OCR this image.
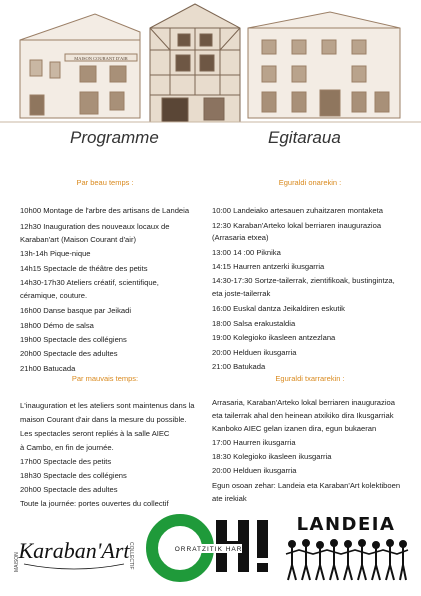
MAISON COURANT D'AIR
Programme	Egitaraua
Par beau temps :
10h00 Montage de l'arbre des artisans de Landeia
12h30 Inauguration des nouveaux locaux de
Karaban'art (Maison Courant d'air)
13h-14h Pique-nique
14h15 Spectacle de théâtre des petits
14h30-17h30 Ateliers créatif, scientifique,
céramique, couture.
16h00 Danse basque par Jeikadi
18h00 Démo de salsa
19h00 Spectacle des collégiens
20h00 Spectacle des adultes
21h00 Batucada
Par mauvais temps:
L'inauguration et les ateliers sont maintenus dans la
maison Courant d'air dans la mesure du possible.
Les spectacles seront repliés à la salle AIEC
à Cambo, en fin de journée.
17h00 Spectacle des petits
18h30 Spectacle des collégiens
20h00 Spectacle des adultes
Toute la journée: portes ouvertes du collectif
Eguraldi onarekin :
10:00 Landeiako artesauen zuhaitzaren montaketa
12:30 Karaban'Arteko lokal berriaren inaugurazioa
(Arrasaria etxea)
13:00 14 :00 Piknika
14:15 Haurren antzerki ikusgarria
14:30-17:30 Sortze-tailerrak, zientifikoak, bustingintza,
eta joste-tailerrak
16:00 Euskal dantza Jeikaldiren eskutik
18:00 Salsa erakustaldia
19:00 Kolegioko ikasleen antzezlana
20:00 Helduen ikusgarria
21:00 Batukada
Eguraldi txarrarekin :
Arrasaria, Karaban'Arteko lokal berriaren inaugurazioa
eta tailerrak ahal den heinean atxikiko dira Ikusgarriak
Kanboko AIEC gelan izanen dira, egun bukaeran
17:00 Haurren ikusgarria
18:30 Kolegioko ikasleen ikusgarria
20:00 Helduen ikusgarria
Egun osoan zehar: Landeia eta Karaban'Art kolektiboen
ate irekiak
Karaban'Art
MAISON	COLLECTIF	ORRATZITIK HARI
OH!
LANDEIA
